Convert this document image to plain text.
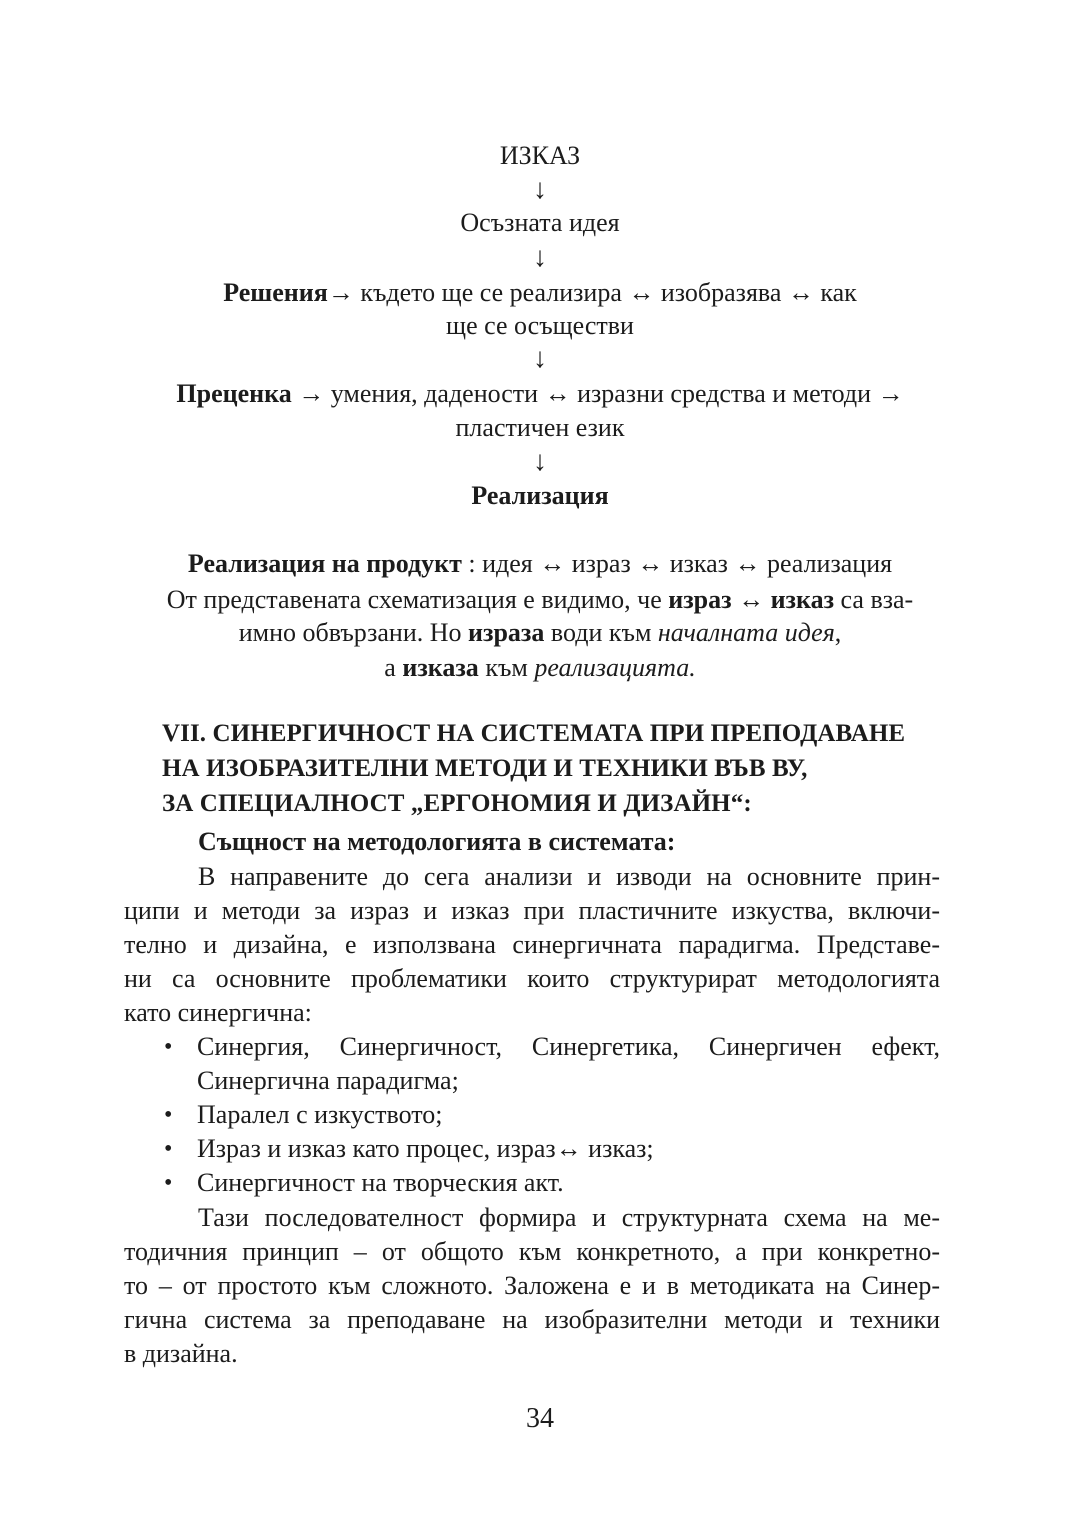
ИЗКАЗ
↓
Осъзната идея
↓
Решения→ където ще се реализира ↔ изобразява ↔ как
ще се осъществи
↓
Преценка → умения, дадености ↔ изразни средства и методи →
пластичен език
↓
Реализация
Реализация на продукт : идея ↔ израз ↔ изказ ↔ реализация
От представената схематизация е видимо, че израз ↔ изказ са вза-
имно обвързани. Но израза води към началната идея,
а изказа към реализацията.
VII. СИНЕРГИЧНОСТ НА СИСТЕМАТА ПРИ ПРЕПОДАВАНЕ
НА ИЗОБРАЗИТЕЛНИ МЕТОДИ И ТЕХНИКИ ВЪВ ВУ,
ЗА СПЕЦИАЛНОСТ „ЕРГОНОМИЯ И ДИЗАЙН“:
Същност на методологията в системата:
В направените до сега анализи и изводи на основните прин-
ципи и методи за израз и изказ при пластичните изкуства, включи-
телно и дизайна, е използвана синергичната парадигма. Представе-
ни са основните проблематики които структурират методологията
като синергична:
• Синергия, Синергичност, Синергетика, Синергичен ефект,
Синергична парадигма;
• Паралел с изкуството;
• Израз и изказ като процес, израз↔ изказ;
• Синергичност на творческия акт.
Тази последователност формира и структурната схема на ме-
тодичния принцип – от общото към конкретното, а при конкретно-
то – от простото към сложното. Заложена е и в методиката на Синер-
гична система за преподаване на изобразителни методи и техники
в дизайна.
34
